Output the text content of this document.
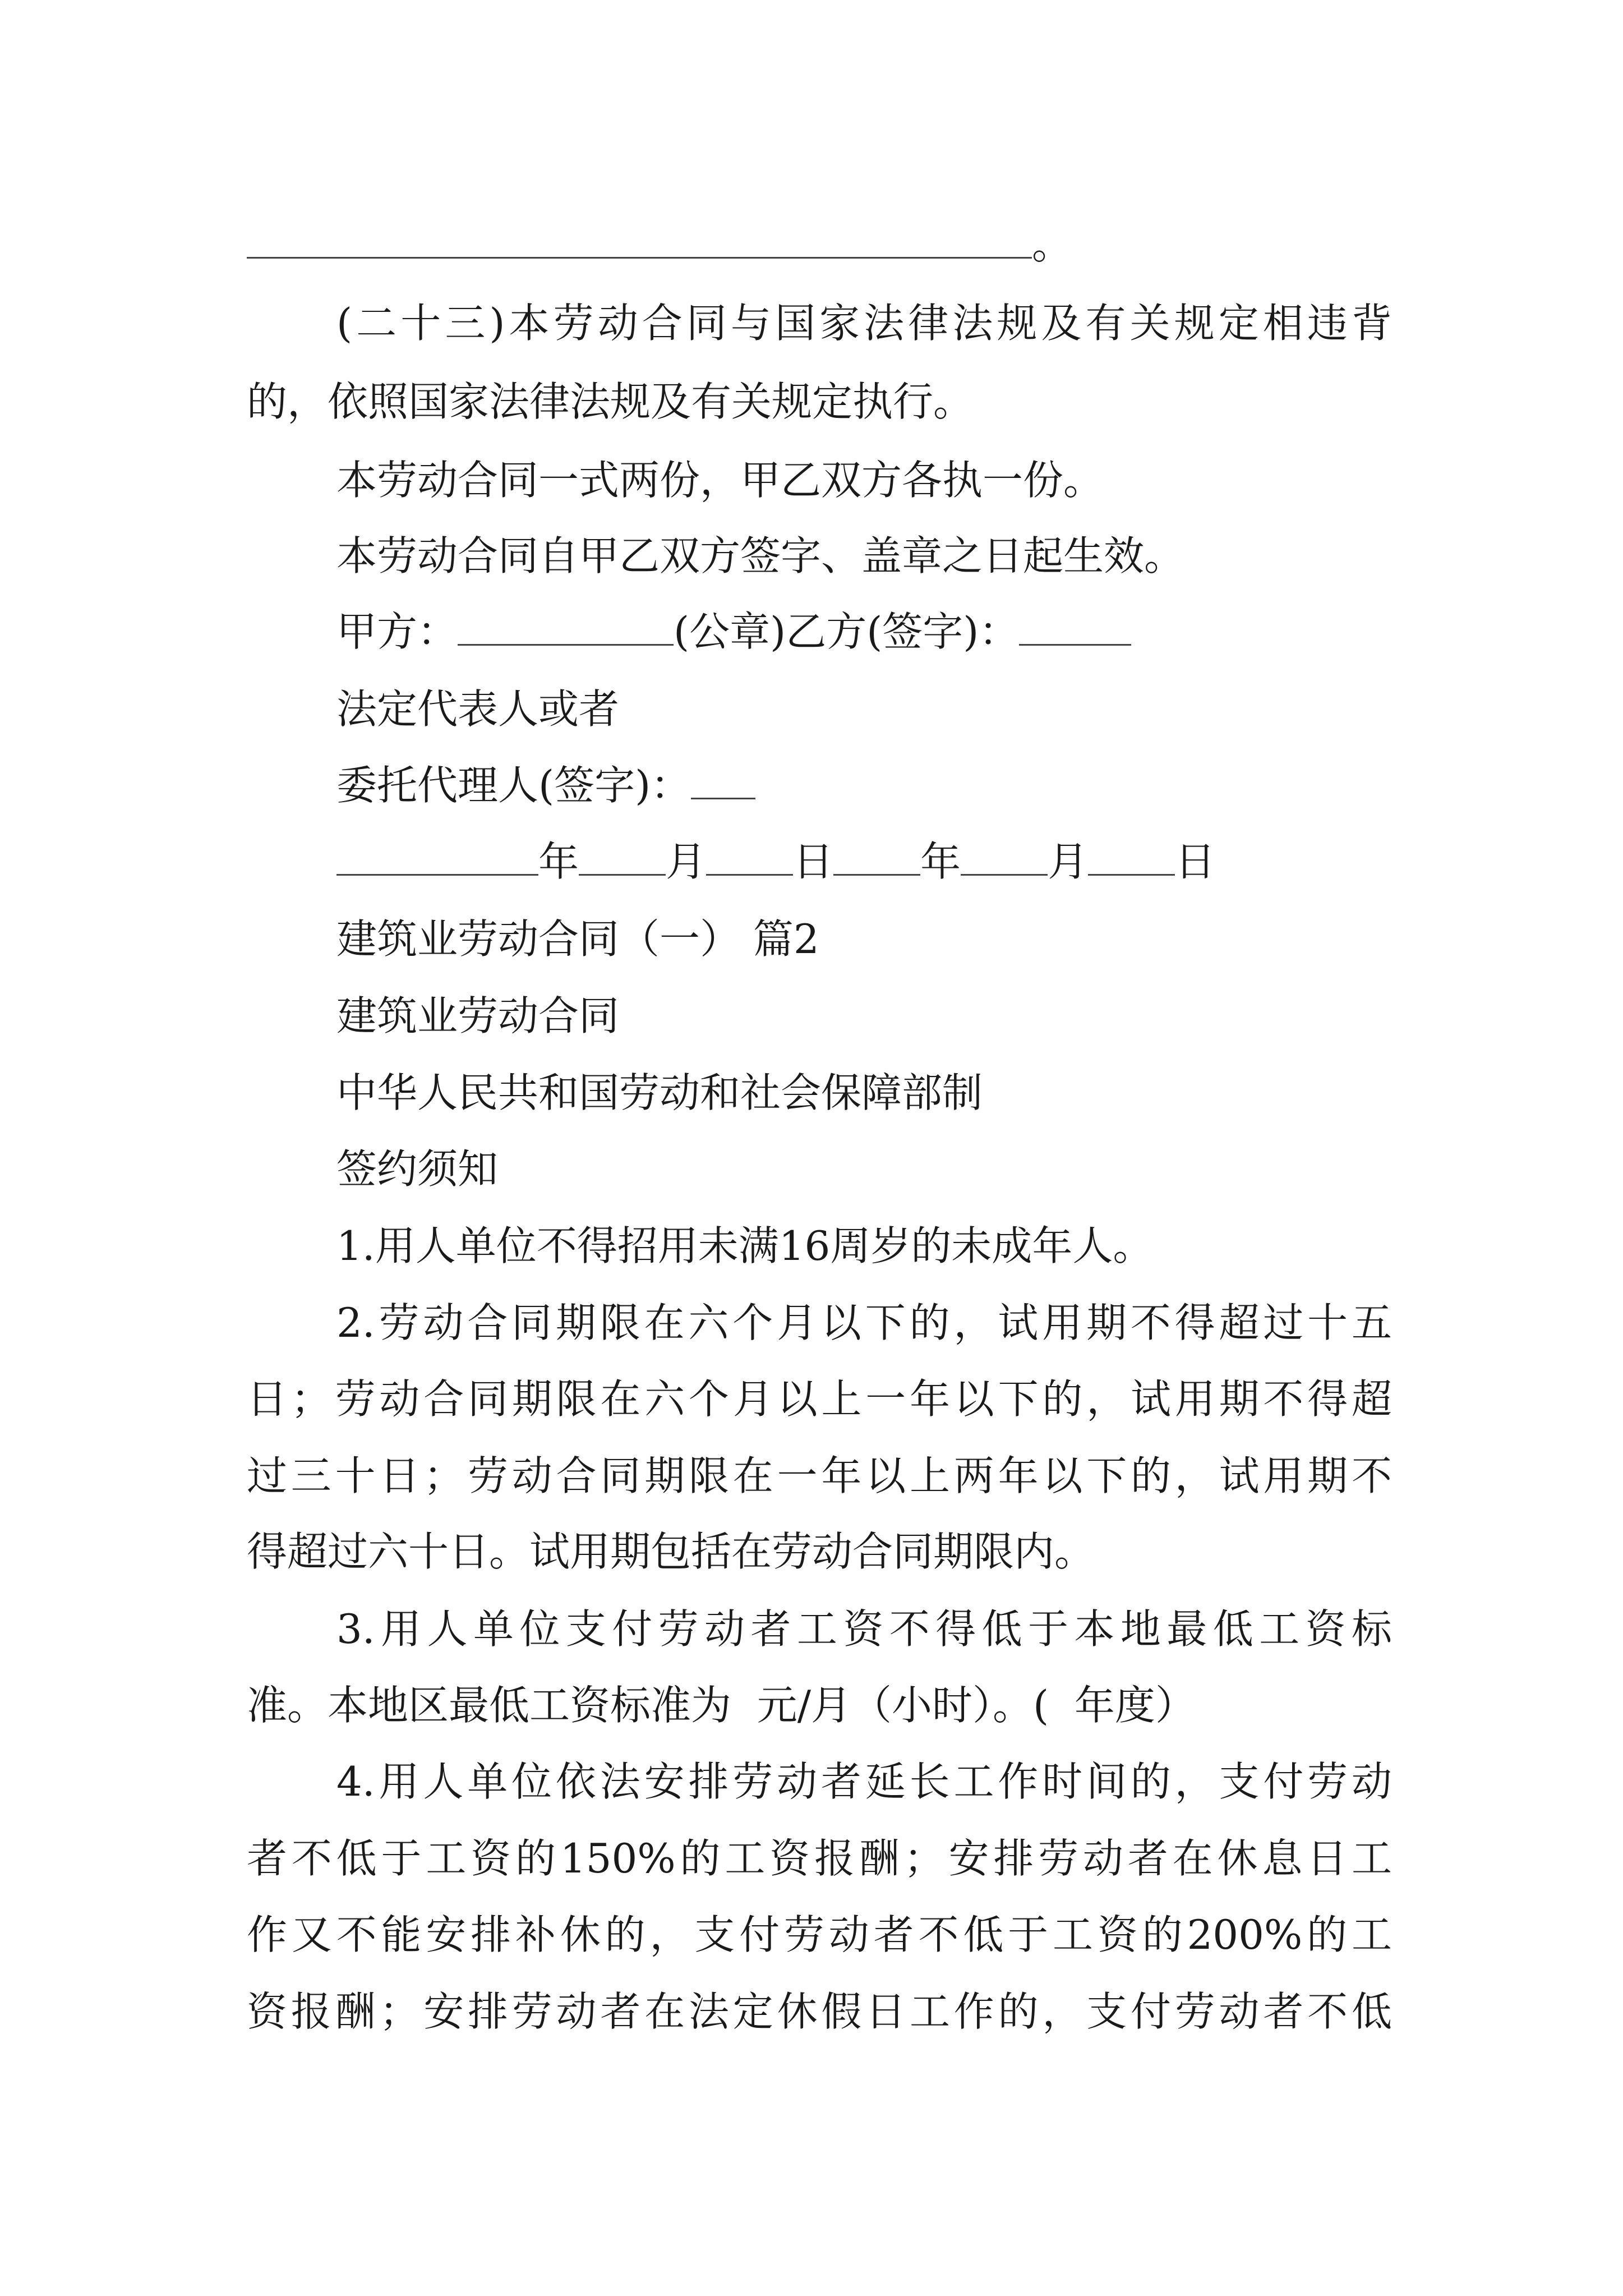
。
(二十三)本劳动合同与国家法律法规及有关规定相违背
的，依照国家法律法规及有关规定执行。
本劳动合同一式两份，甲乙双方各执一份。
本劳动合同自甲乙双方签字、盖章之日起生效。
甲方：	(公章)乙方(签字)：
法定代表人或者
委托代理人(签字)：
年 月 日 年 月 日
建筑业劳动合同（一） 篇2
建筑业劳动合同
中华人民共和国劳动和社会保障部制
签约须知
1.用人单位不得招用未满16周岁的未成年人。
2.劳动合同期限在六个月以下的，试用期不得超过十五
日；劳动合同期限在六个月以上一年以下的，试用期不得超
过三十日；劳动合同期限在一年以上两年以下的，试用期不
得超过六十日。试用期包括在劳动合同期限内。
3.用人单位支付劳动者工资不得低于本地最低工资标
准。本地区最低工资标准为  元/月（小时）。(  年度）
4.用人单位依法安排劳动者延长工作时间的，支付劳动
者不低于工资的150%的工资报酬；安排劳动者在休息日工
作又不能安排补休的，支付劳动者不低于工资的200%的工
资报酬；安排劳动者在法定休假日工作的，支付劳动者不低
